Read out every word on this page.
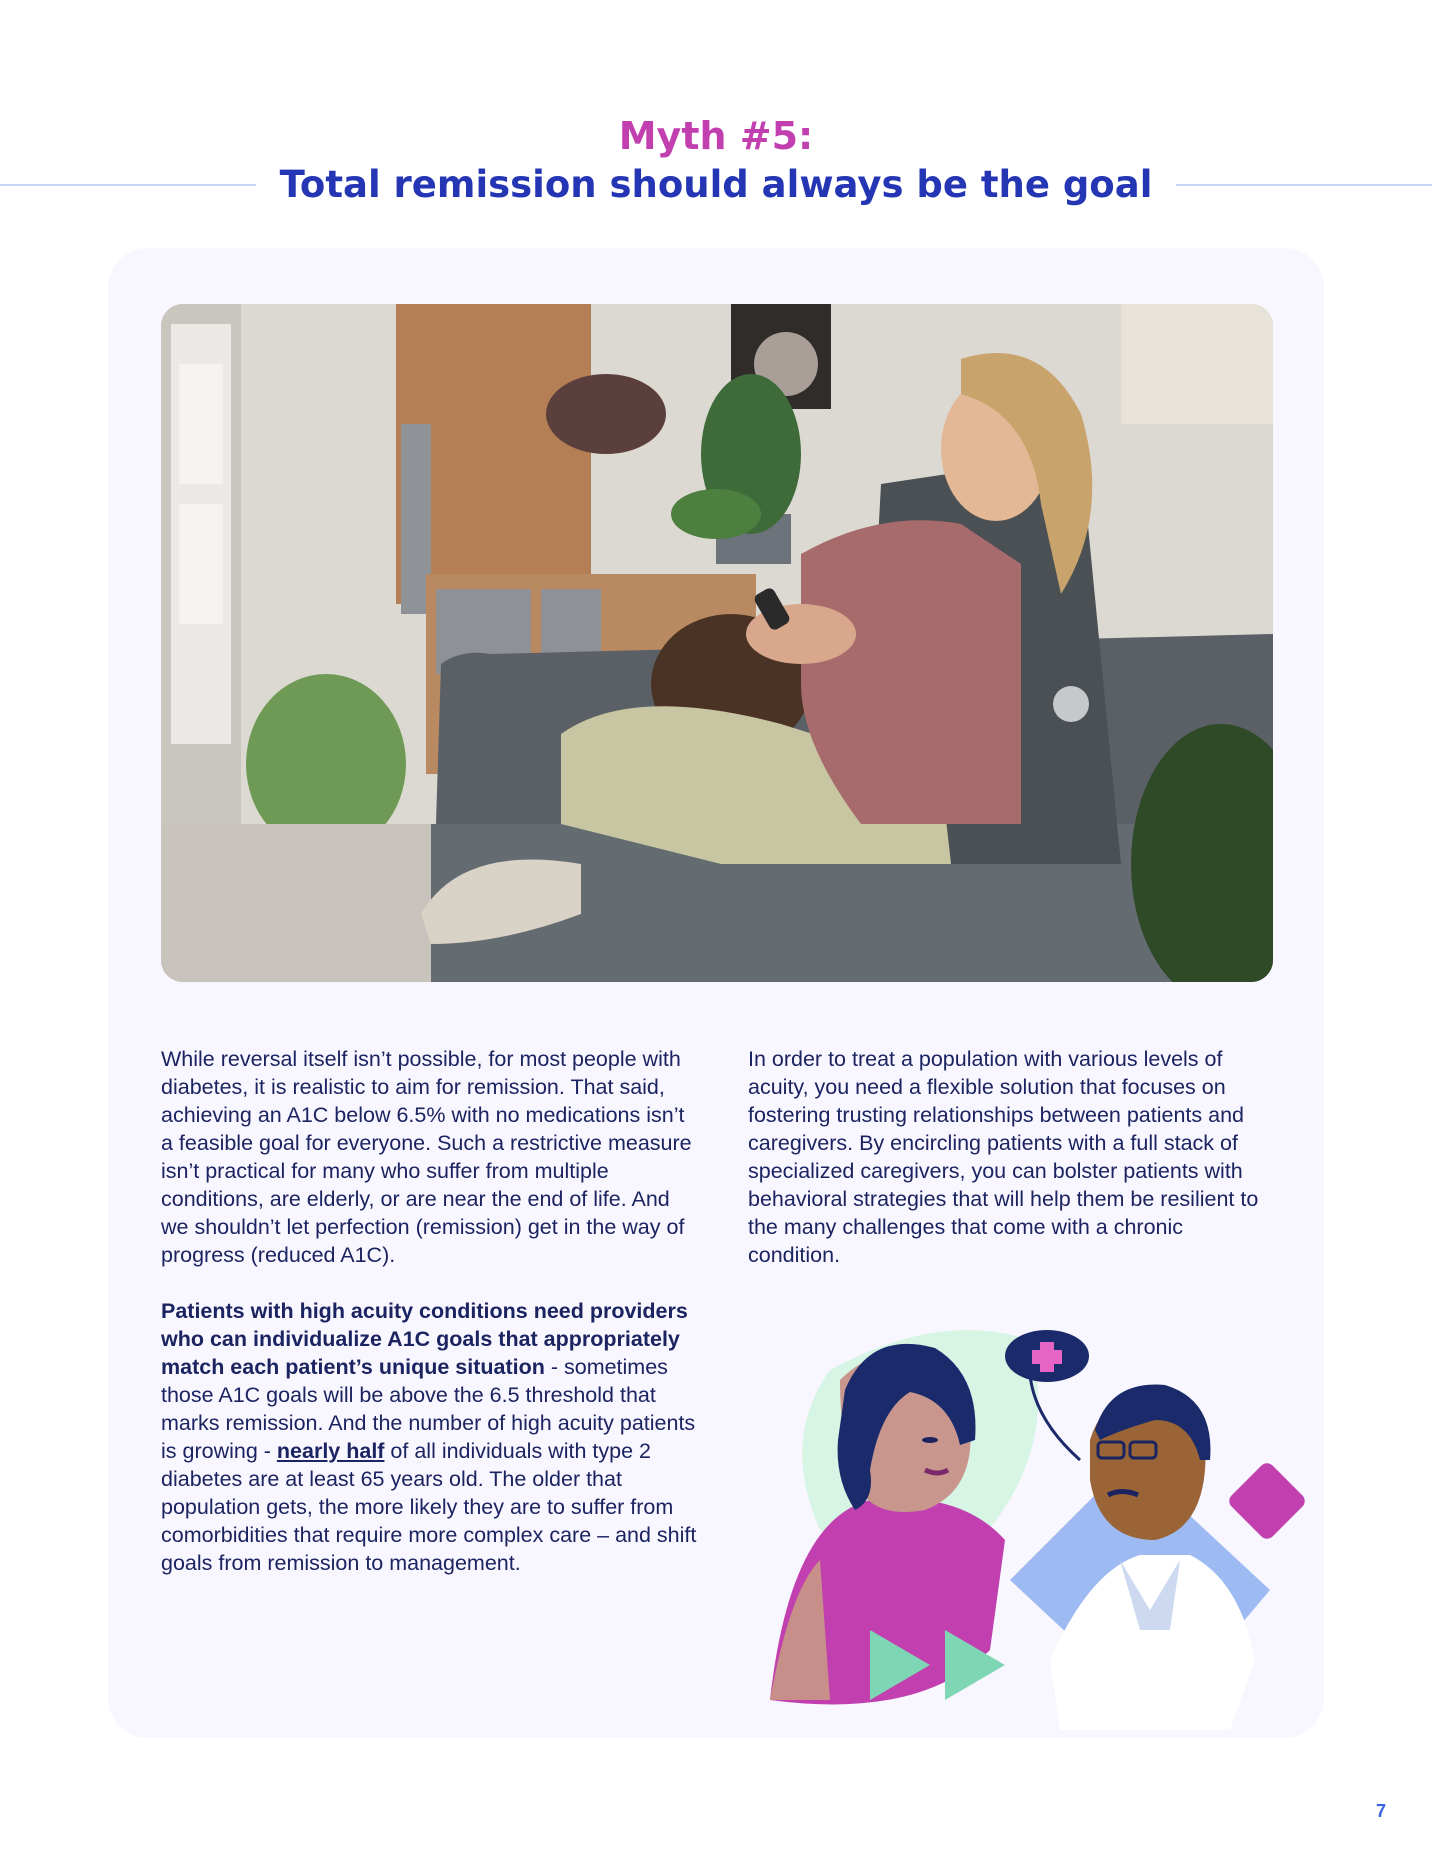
Myth #5:
Total remission should always be the goal

While reversal itself isn’t possible, for most people with diabetes, it is realistic to aim for remission. That said, achieving an A1C below 6.5% with no medications isn’t a feasible goal for everyone. Such a restrictive measure isn’t practical for many who suffer from multiple conditions, are elderly, or are near the end of life. And we shouldn’t let perfection (remission) get in the way of progress (reduced A1C).

Patients with high acuity conditions need providers who can individualize A1C goals that appropriately match each patient’s unique situation - sometimes those A1C goals will be above the 6.5 threshold that marks remission. And the number of high acuity patients is growing - nearly half of all individuals with type 2 diabetes are at least 65 years old. The older that population gets, the more likely they are to suffer from comorbidities that require more complex care – and shift goals from remission to management.

In order to treat a population with various levels of acuity, you need a flexible solution that focuses on fostering trusting relationships between patients and caregivers. By encircling patients with a full stack of specialized caregivers, you can bolster patients with behavioral strategies that will help them be resilient to the many challenges that come with a chronic condition.

7
